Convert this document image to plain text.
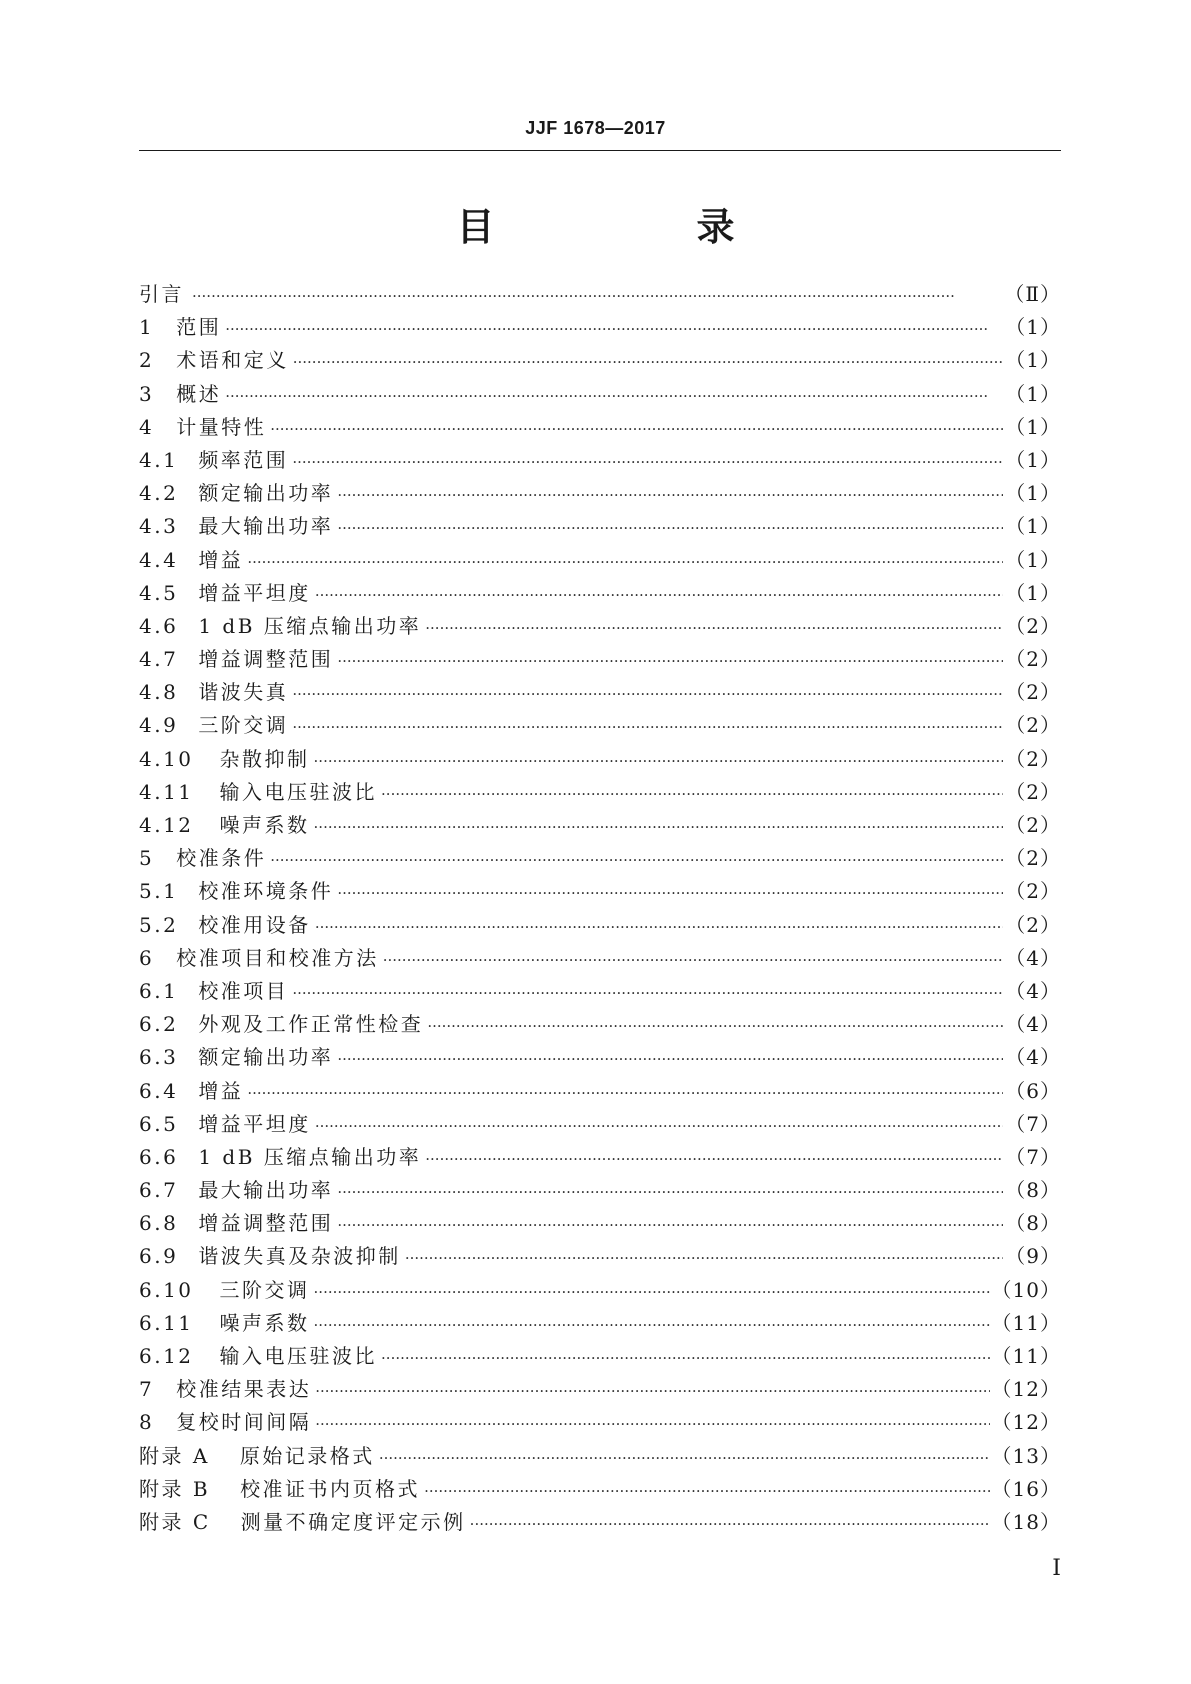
JJF 1678—2017
目　录
引言 ·····	（Ⅱ）
1 范围 ·····	（1）
2 术语和定义 ·····	（1）
3 概述 ·····	（1）
4 计量特性 ·····	（1）
4.1 频率范围 ·····	（1）
4.2 额定输出功率 ·····	（1）
4.3 最大输出功率 ·····	（1）
4.4 增益 ·····	（1）
4.5 增益平坦度 ·····	（1）
4.6 1 dB 压缩点输出功率 ·····	（2）
4.7 增益调整范围 ·····	（2）
4.8 谐波失真 ·····	（2）
4.9 三阶交调 ·····	（2）
4.10 杂散抑制 ·····	（2）
4.11 输入电压驻波比 ·····	（2）
4.12 噪声系数 ·····	（2）
5 校准条件 ·····	（2）
5.1 校准环境条件 ·····	（2）
5.2 校准用设备 ·····	（2）
6 校准项目和校准方法 ·····	（4）
6.1 校准项目 ·····	（4）
6.2 外观及工作正常性检查 ·····	（4）
6.3 额定输出功率 ·····	（4）
6.4 增益 ·····	（6）
6.5 增益平坦度 ·····	（7）
6.6 1 dB 压缩点输出功率 ·····	（7）
6.7 最大输出功率 ·····	（8）
6.8 增益调整范围 ·····	（8）
6.9 谐波失真及杂波抑制 ·····	（9）
6.10 三阶交调 ·····	（10）
6.11 噪声系数 ·····	（11）
6.12 输入电压驻波比 ·····	（11）
7 校准结果表达 ·····	（12）
8 复校时间间隔 ·····	（12）
附录 A 原始记录格式 ·····	（13）
附录 B 校准证书内页格式 ·····	（16）
附录 C 测量不确定度评定示例 ·····	（18）
Ⅰ
